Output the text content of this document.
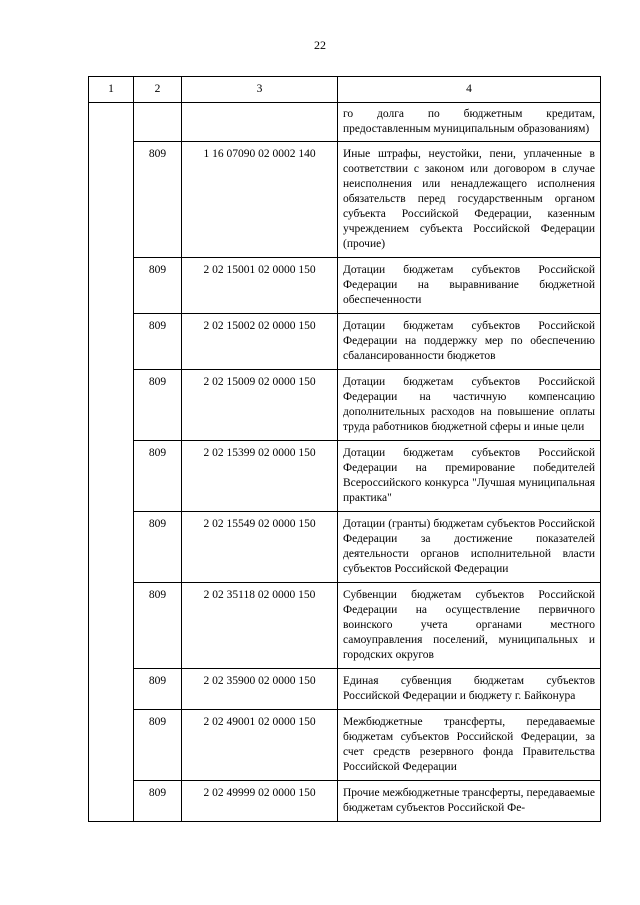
22
1	2	3	4
			го долга по бюджетным кредитам, предоставленным муниципальным образованиям)
	809	1 16 07090 02 0002 140	Иные штрафы, неустойки, пени, уплаченные в соответствии с законом или договором в случае неисполнения или ненадлежащего исполнения обязательств перед государственным органом субъекта Российской Федерации, казенным учреждением субъекта Российской Федерации (прочие)
	809	2 02 15001 02 0000 150	Дотации бюджетам субъектов Российской Федерации на выравнивание бюджетной обеспеченности
	809	2 02 15002 02 0000 150	Дотации бюджетам субъектов Российской Федерации на поддержку мер по обеспечению сбалансированности бюджетов
	809	2 02 15009 02 0000 150	Дотации бюджетам субъектов Российской Федерации на частичную компенсацию дополнительных расходов на повышение оплаты труда работников бюджетной сферы и иные цели
	809	2 02 15399 02 0000 150	Дотации бюджетам субъектов Российской Федерации на премирование победителей Всероссийского конкурса "Лучшая муниципальная практика"
	809	2 02 15549 02 0000 150	Дотации (гранты) бюджетам субъектов Российской Федерации за достижение показателей деятельности органов исполнительной власти субъектов Российской Федерации
	809	2 02 35118 02 0000 150	Субвенции бюджетам субъектов Российской Федерации на осуществление первичного воинского учета органами местного самоуправления поселений, муниципальных и городских округов
	809	2 02 35900 02 0000 150	Единая субвенция бюджетам субъектов Российской Федерации и бюджету г. Байконура
	809	2 02 49001 02 0000 150	Межбюджетные трансферты, передаваемые бюджетам субъектов Российской Федерации, за счет средств резервного фонда Правительства Российской Федерации
	809	2 02 49999 02 0000 150	Прочие межбюджетные трансферты, передаваемые бюджетам субъектов Российской Фе-
